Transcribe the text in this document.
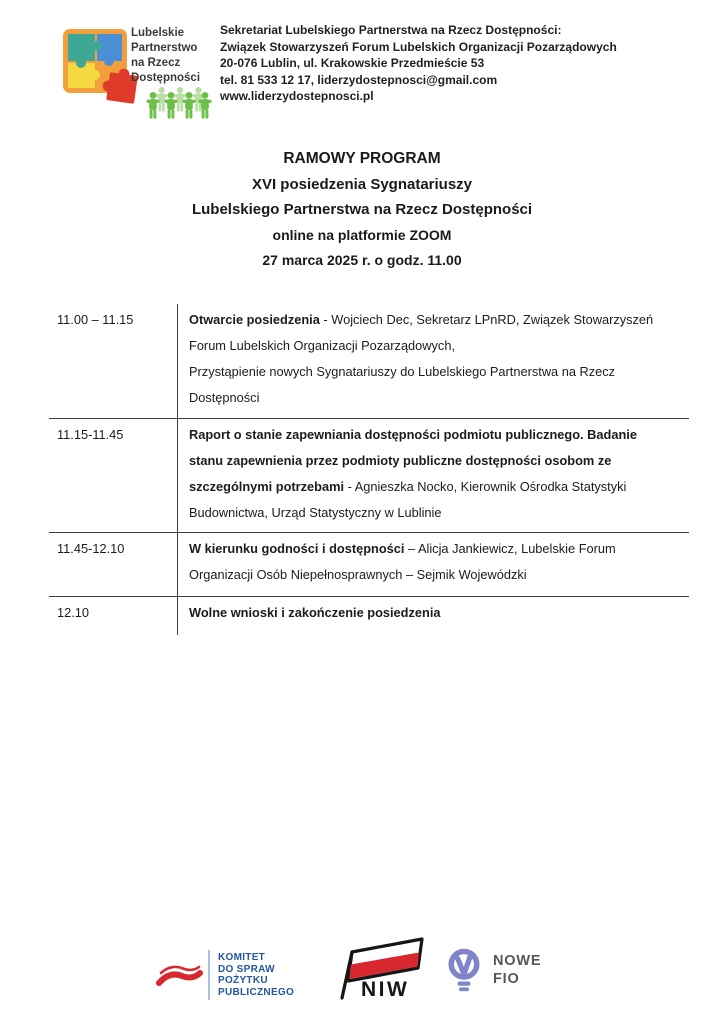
Lubelskie
Partnerstwo
na Rzecz
Dostępności
Sekretariat Lubelskiego Partnerstwa na Rzecz Dostępności:
Związek Stowarzyszeń Forum Lubelskich Organizacji Pozarządowych
20-076 Lublin, ul. Krakowskie Przedmieście 53
tel. 81 533 12 17, liderzydostepnosci@gmail.com
www.liderzydostepnosci.pl
RAMOWY PROGRAM
XVI posiedzenia Sygnatariuszy
Lubelskiego Partnerstwa na Rzecz Dostępności
online na platformie ZOOM
27 marca 2025 r. o godz. 11.00
11.00 – 11.15	Otwarcie posiedzenia - Wojciech Dec, Sekretarz LPnRD, Związek Stowarzyszeń Forum Lubelskich Organizacji Pozarządowych,
Przystąpienie nowych Sygnatariuszy do Lubelskiego Partnerstwa na Rzecz Dostępności
11.15-11.45	Raport o stanie zapewniania dostępności podmiotu publicznego. Badanie stanu zapewnienia przez podmioty publiczne dostępności osobom ze szczególnymi potrzebami - Agnieszka Nocko, Kierownik Ośrodka Statystyki Budownictwa, Urząd Statystyczny w Lublinie
11.45-12.10	W kierunku godności i dostępności – Alicja Jankiewicz, Lubelskie Forum Organizacji Osób Niepełnosprawnych – Sejmik Wojewódzki
12.10	Wolne wnioski i zakończenie posiedzenia
KOMITET
DO SPRAW
POŻYTKU
PUBLICZNEGO	NIW
NOWE
FIO
